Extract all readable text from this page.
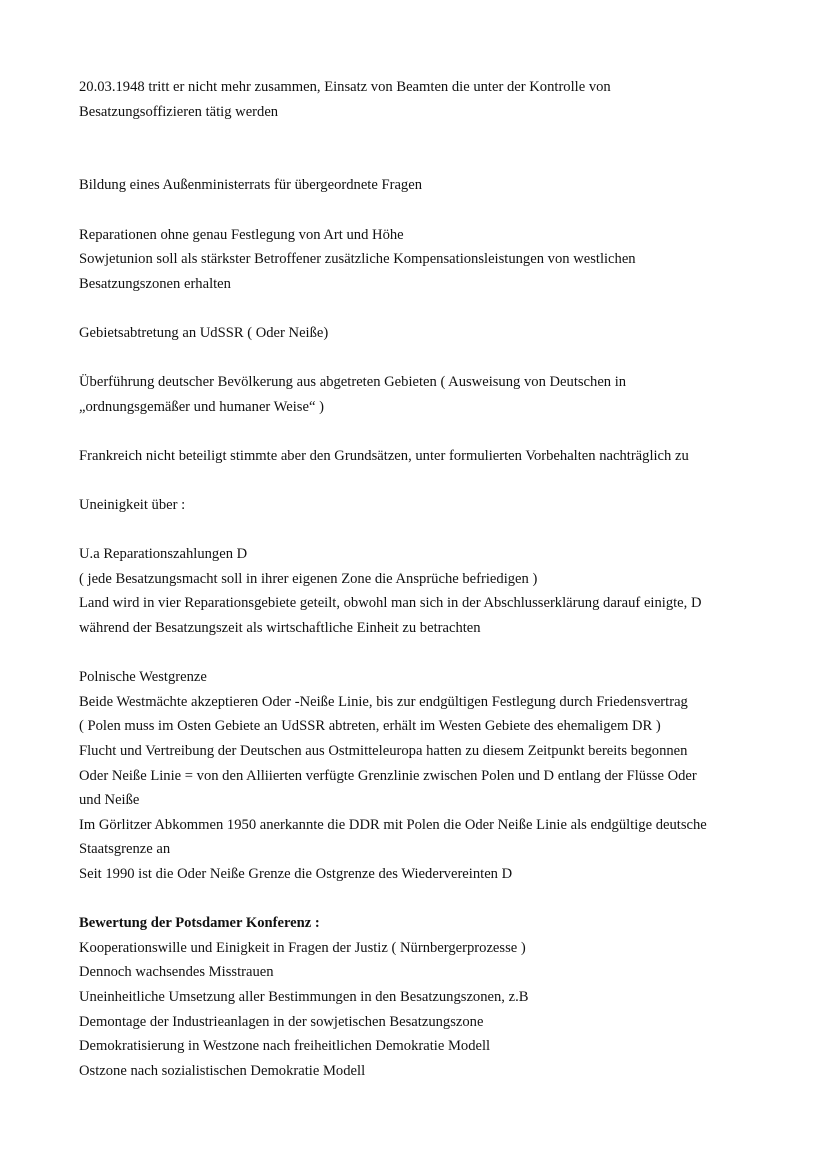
20.03.1948 tritt er nicht mehr zusammen, Einsatz von Beamten die unter der Kontrolle von
Besatzungsoffizieren tätig werden
Bildung eines Außenministerrats für übergeordnete Fragen
Reparationen ohne genau Festlegung von Art und Höhe
Sowjetunion soll als stärkster Betroffener zusätzliche Kompensationsleistungen von westlichen
Besatzungszonen erhalten
Gebietsabtretung an UdSSR ( Oder Neiße)
Überführung deutscher Bevölkerung aus abgetreten Gebieten ( Ausweisung von Deutschen in
„ordnungsgemäßer und humaner Weise“ )
Frankreich nicht beteiligt stimmte aber den Grundsätzen, unter formulierten Vorbehalten nachträglich zu
Uneinigkeit über :
U.a Reparationszahlungen D
( jede Besatzungsmacht soll in ihrer eigenen Zone die Ansprüche befriedigen )
Land wird in vier Reparationsgebiete geteilt, obwohl man sich in der Abschlusserklärung darauf einigte, D
während der Besatzungszeit als wirtschaftliche Einheit zu betrachten
Polnische Westgrenze
Beide Westmächte akzeptieren Oder -Neiße Linie, bis zur endgültigen Festlegung durch Friedensvertrag
( Polen muss im Osten Gebiete an UdSSR abtreten, erhält im Westen Gebiete des ehemaligem DR )
Flucht und Vertreibung der Deutschen aus Ostmitteleuropa hatten zu diesem Zeitpunkt bereits begonnen
Oder Neiße Linie = von den Alliierten verfügte Grenzlinie zwischen Polen und D entlang der Flüsse Oder
und Neiße
Im Görlitzer Abkommen 1950 anerkannte die DDR mit Polen die Oder Neiße Linie als endgültige deutsche
Staatsgrenze an
Seit 1990 ist die Oder Neiße Grenze die Ostgrenze des Wiedervereinten D
Bewertung der Potsdamer Konferenz :
Kooperationswille und Einigkeit in Fragen der Justiz ( Nürnbergerprozesse )
Dennoch wachsendes Misstrauen
Uneinheitliche Umsetzung aller Bestimmungen in den Besatzungszonen, z.B
Demontage der Industrieanlagen in der sowjetischen Besatzungszone
Demokratisierung in Westzone nach freiheitlichen Demokratie Modell
Ostzone nach sozialistischen Demokratie Modell
